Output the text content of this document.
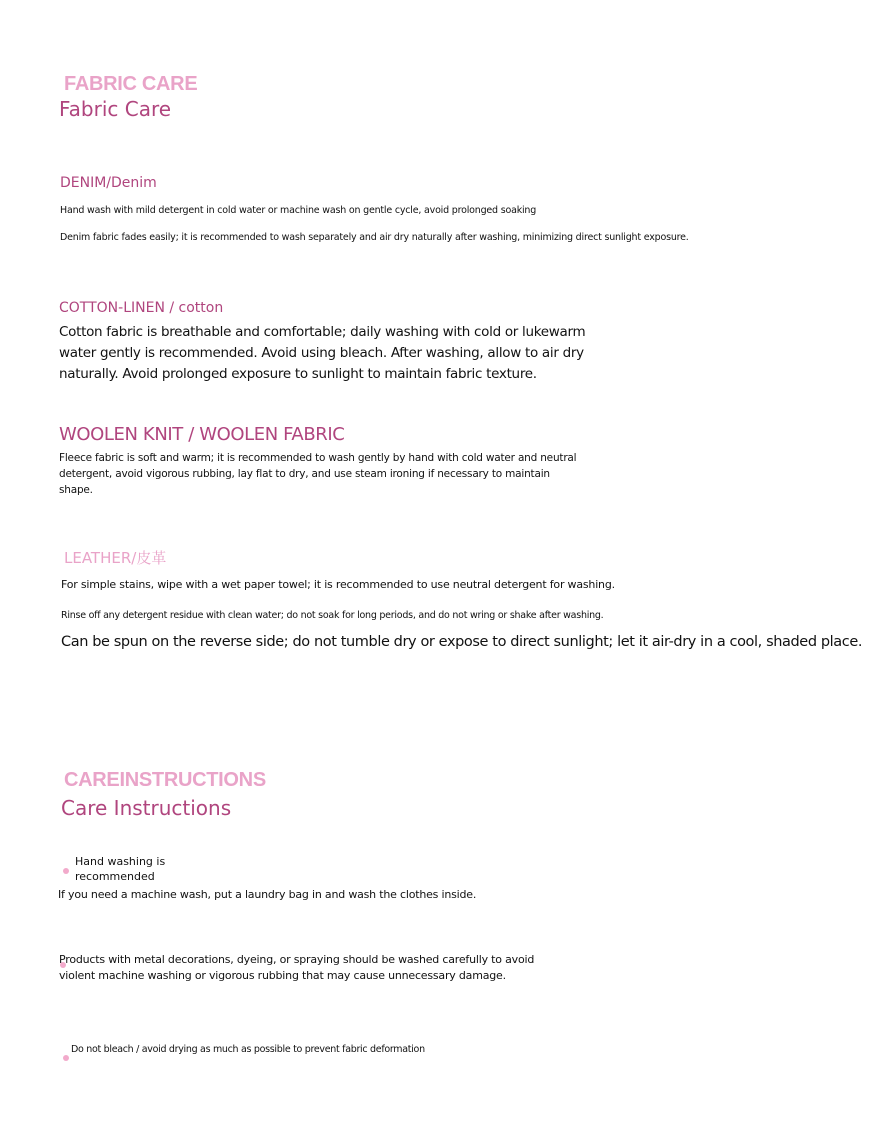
FABRIC CARE
Fabric Care
DENIM/Denim
Hand wash with mild detergent in cold water or machine wash on gentle cycle, avoid prolonged soaking
Denim fabric fades easily; it is recommended to wash separately and air dry naturally after washing, minimizing direct sunlight exposure.
COTTON-LINEN / cotton
Cotton fabric is breathable and comfortable; daily washing with cold or lukewarm
water gently is recommended. Avoid using bleach. After washing, allow to air dry
naturally. Avoid prolonged exposure to sunlight to maintain fabric texture.
WOOLEN KNIT / WOOLEN FABRIC
Fleece fabric is soft and warm; it is recommended to wash gently by hand with cold water and neutral
detergent, avoid vigorous rubbing, lay flat to dry, and use steam ironing if necessary to maintain
shape.
LEATHER/皮革
For simple stains, wipe with a wet paper towel; it is recommended to use neutral detergent for washing.
Rinse off any detergent residue with clean water; do not soak for long periods, and do not wring or shake after washing.
Can be spun on the reverse side; do not tumble dry or expose to direct sunlight; let it air-dry in a cool, shaded place.
CAREINSTRUCTIONS
Care Instructions
Hand washing is
recommended
If you need a machine wash, put a laundry bag in and wash the clothes inside.
Products with metal decorations, dyeing, or spraying should be washed carefully to avoid
violent machine washing or vigorous rubbing that may cause unnecessary damage.
Do not bleach / avoid drying as much as possible to prevent fabric deformation
